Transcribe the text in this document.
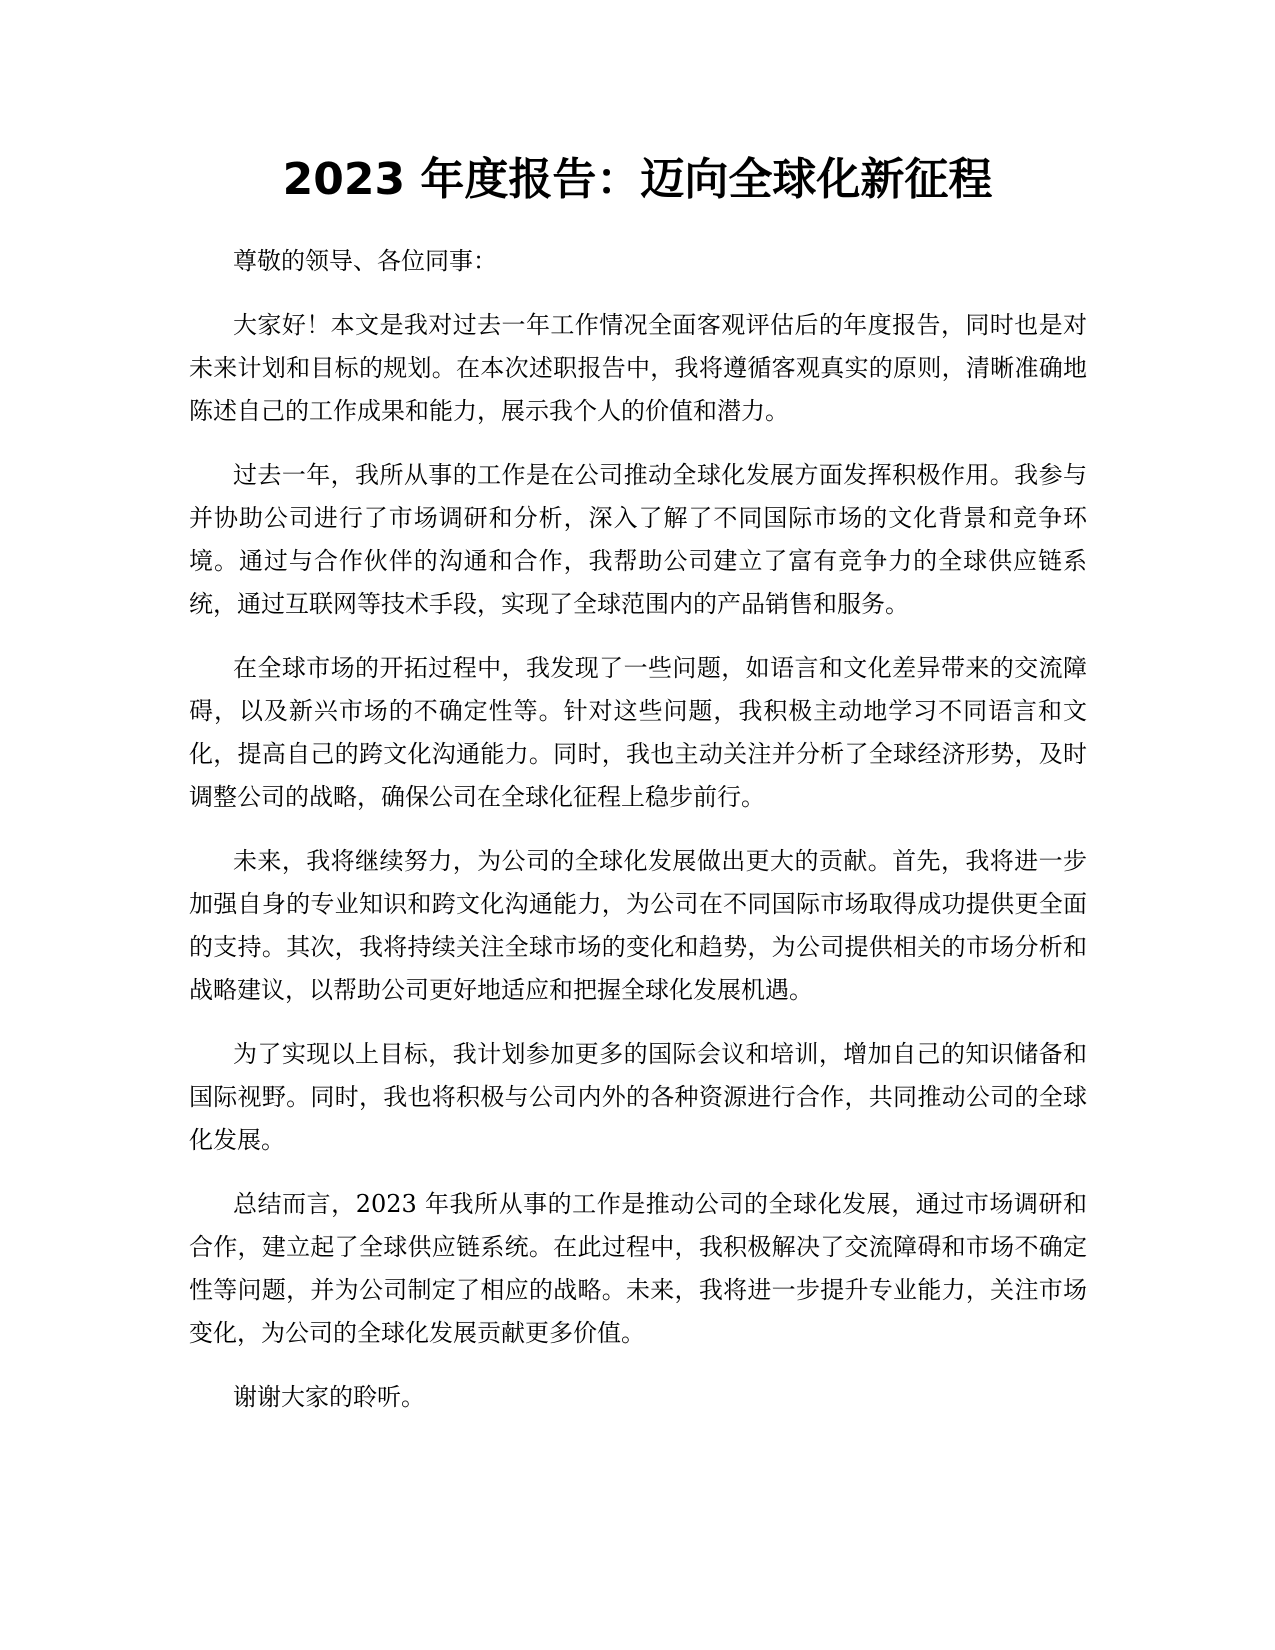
2023 年度报告：迈向全球化新征程

尊敬的领导、各位同事：

大家好！本文是我对过去一年工作情况全面客观评估后的年度报告，同时也是对未来计划和目标的规划。在本次述职报告中，我将遵循客观真实的原则，清晰准确地陈述自己的工作成果和能力，展示我个人的价值和潜力。

过去一年，我所从事的工作是在公司推动全球化发展方面发挥积极作用。我参与并协助公司进行了市场调研和分析，深入了解了不同国际市场的文化背景和竞争环境。通过与合作伙伴的沟通和合作，我帮助公司建立了富有竞争力的全球供应链系统，通过互联网等技术手段，实现了全球范围内的产品销售和服务。

在全球市场的开拓过程中，我发现了一些问题，如语言和文化差异带来的交流障碍，以及新兴市场的不确定性等。针对这些问题，我积极主动地学习不同语言和文化，提高自己的跨文化沟通能力。同时，我也主动关注并分析了全球经济形势，及时调整公司的战略，确保公司在全球化征程上稳步前行。

未来，我将继续努力，为公司的全球化发展做出更大的贡献。首先，我将进一步加强自身的专业知识和跨文化沟通能力，为公司在不同国际市场取得成功提供更全面的支持。其次，我将持续关注全球市场的变化和趋势，为公司提供相关的市场分析和战略建议，以帮助公司更好地适应和把握全球化发展机遇。

为了实现以上目标，我计划参加更多的国际会议和培训，增加自己的知识储备和国际视野。同时，我也将积极与公司内外的各种资源进行合作，共同推动公司的全球化发展。

总结而言，2023 年我所从事的工作是推动公司的全球化发展，通过市场调研和合作，建立起了全球供应链系统。在此过程中，我积极解决了交流障碍和市场不确定性等问题，并为公司制定了相应的战略。未来，我将进一步提升专业能力，关注市场变化，为公司的全球化发展贡献更多价值。

谢谢大家的聆听。
